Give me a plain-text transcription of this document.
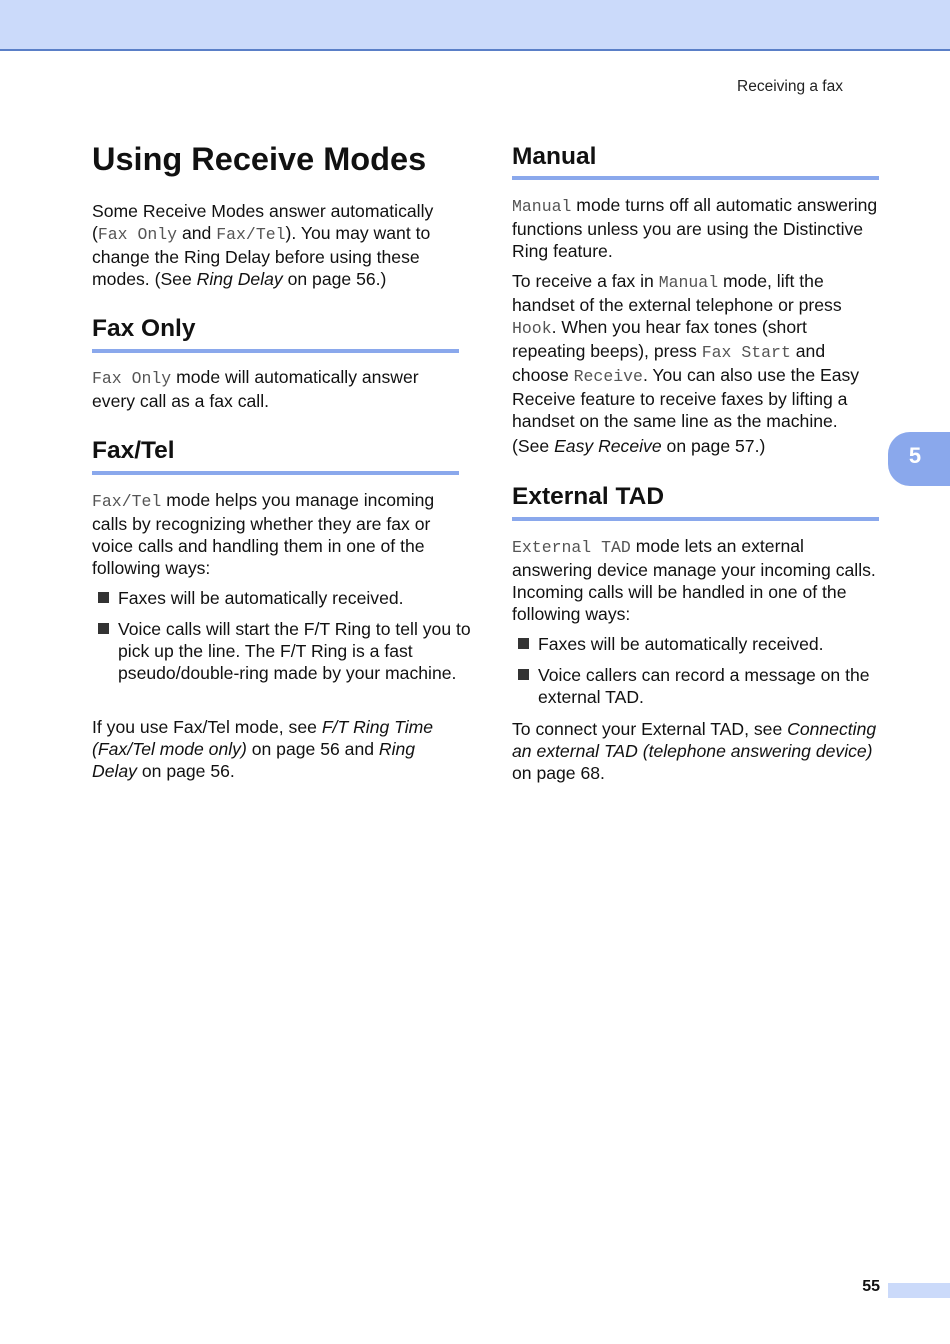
Receiving a fax
Using Receive Modes

Some Receive Modes answer automatically (Fax Only and Fax/Tel). You may want to change the Ring Delay before using these modes. (See Ring Delay on page 56.)

Fax Only

Fax Only mode will automatically answer every call as a fax call.

Fax/Tel

Fax/Tel mode helps you manage incoming calls by recognizing whether they are fax or voice calls and handling them in one of the following ways:

Faxes will be automatically received.
Voice calls will start the F/T Ring to tell you to pick up the line. The F/T Ring is a fast pseudo/double-ring made by your machine.

If you use Fax/Tel mode, see F/T Ring Time (Fax/Tel mode only) on page 56 and Ring Delay on page 56.

Manual

Manual mode turns off all automatic answering functions unless you are using the Distinctive Ring feature.

To receive a fax in Manual mode, lift the handset of the external telephone or press Hook. When you hear fax tones (short repeating beeps), press Fax Start and choose Receive. You can also use the Easy Receive feature to receive faxes by lifting a handset on the same line as the machine.

(See Easy Receive on page 57.)

External TAD

External TAD mode lets an external answering device manage your incoming calls. Incoming calls will be handled in one of the following ways:

Faxes will be automatically received.
Voice callers can record a message on the external TAD.

To connect your External TAD, see Connecting an external TAD (telephone answering device) on page 68.

5
55
